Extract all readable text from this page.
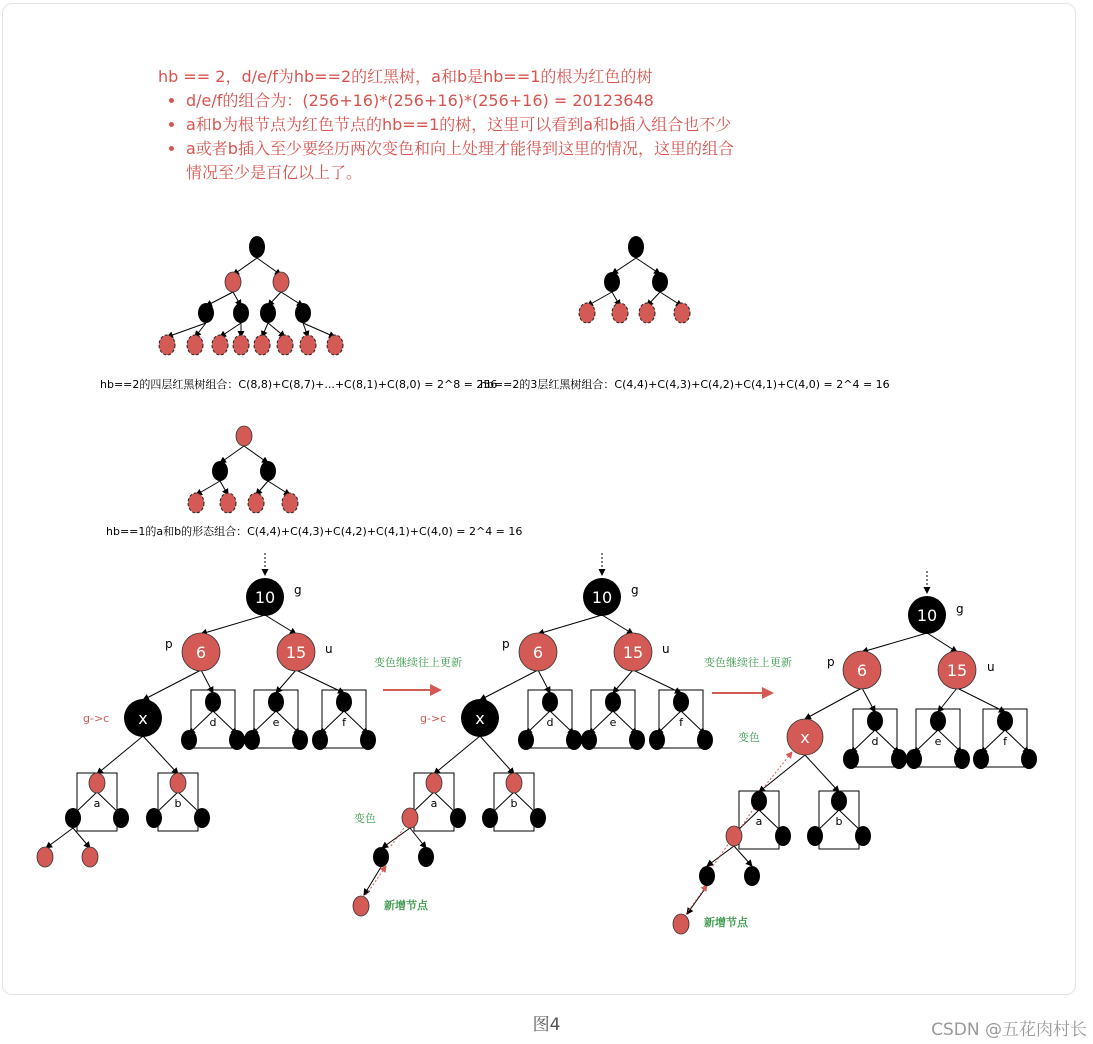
hb == 2，d/e/f为hb==2的红黑树，a和b是hb==1的根为红色的树
• d/e/f的组合为：(256+16)*(256+16)*(256+16) = 20123648
• a和b为根节点为红色节点的hb==1的树，这里可以看到a和b插入组合也不少
• a或者b插入至少要经历两次变色和向上处理才能得到这里的情况，这里的组合
情况至少是百亿以上了。
hb==2的四层红黑树组合：C(8,8)+C(8,7)+...+C(8,1)+C(8,0) = 2^8 = 256
hb==2的3层红黑树组合：C(4,4)+C(4,3)+C(4,2)+C(4,1)+C(4,0) = 2^4 = 16
hb==1的a和b的形态组合：C(4,4)+C(4,3)+C(4,2)+C(4,1)+C(4,0) = 2^4 = 16
g
p	u
g->c
g
p	u
g->c
变色
新增节点
g
p	u
变色
新增节点
变色继续往上更新	变色继续往上更新
10
6	15
d	e	f
x
a	b
10
6	15
d	e	f
x
a	b
10
6	15
d	e	f
x
a	b
图4	CSDN @五花肉村长
